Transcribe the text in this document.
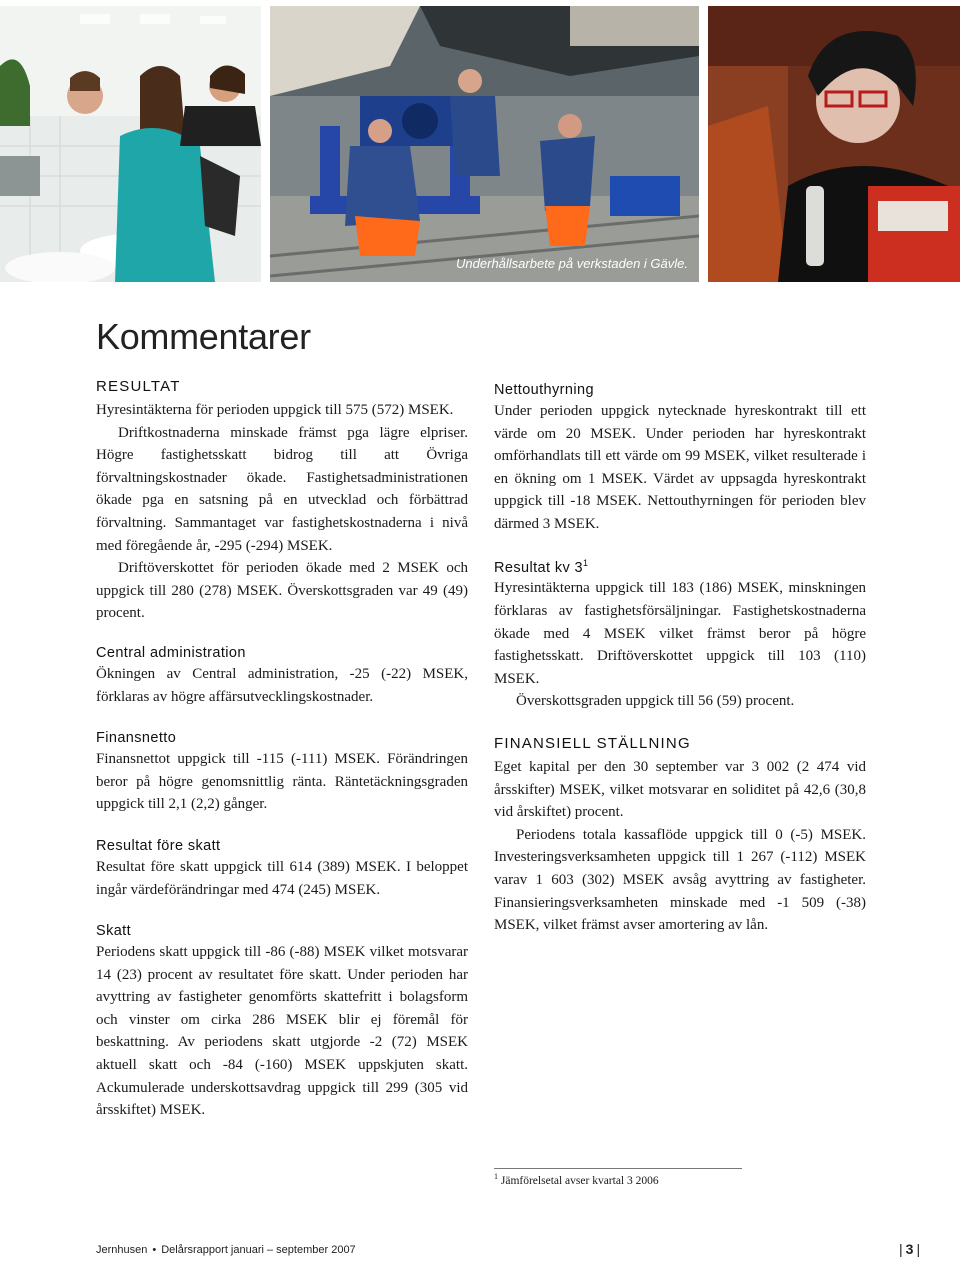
Underhållsarbete på verkstaden i Gävle.
Kommentarer
RESULTAT

Hyresintäkterna för perioden uppgick till 575 (572) MSEK.

Driftkostnaderna minskade främst pga lägre elpriser. Högre fastighetsskatt bidrog till att Övriga förvaltningskostnader ökade. Fastighetsadministrationen ökade pga en satsning på en utvecklad och förbättrad förvaltning. Sammantaget var fastighetskostnaderna i nivå med föregående år, -295 (-294) MSEK.

Driftöverskottet för perioden ökade med 2 MSEK och uppgick till 280 (278) MSEK. Överskottsgraden var 49 (49) procent.

Central administration

Ökningen av Central administration, -25 (-22) MSEK, förklaras av högre affärsutvecklingskostnader.

Finansnetto

Finansnettot uppgick till -115 (-111) MSEK. Förändringen beror på högre genomsnittlig ränta. Räntetäckningsgraden uppgick till 2,1 (2,2) gånger.

Resultat före skatt

Resultat före skatt uppgick till 614 (389) MSEK. I beloppet ingår värdeförändringar med 474 (245) MSEK.

Skatt

Periodens skatt uppgick till -86 (-88) MSEK vilket motsvarar 14 (23) procent av resultatet före skatt. Under perioden har avyttring av fastigheter genomförts skattefritt i bolagsform och vinster om cirka 286 MSEK blir ej föremål för beskattning. Av periodens skatt utgjorde -2 (72) MSEK aktuell skatt och -84 (-160) MSEK uppskjuten skatt. Ackumulerade underskottsavdrag uppgick till 299 (305 vid årsskiftet) MSEK.

Nettouthyrning

Under perioden uppgick nytecknade hyreskontrakt till ett värde om 20 MSEK. Under perioden har hyreskontrakt omförhandlats till ett värde om 99 MSEK, vilket resulterade i en ökning om 1 MSEK. Värdet av uppsagda hyreskontrakt uppgick till -18 MSEK. Nettouthyrningen för perioden blev därmed 3 MSEK.

Resultat kv $3^1$

Hyresintäkterna uppgick till 183 (186) MSEK, minskningen förklaras av fastighetsförsäljningar. Fastighetskostnaderna ökade med 4 MSEK vilket främst beror på högre fastighetsskatt. Driftöverskottet uppgick till 103 (110) MSEK.

Överskottsgraden uppgick till 56 (59) procent.

FINANSIELL STÄLLNING

Eget kapital per den 30 september var 3 002 (2 474 vid årsskifter) MSEK, vilket motsvarar en soliditet på 42,6 (30,8 vid årskiftet) procent.

Periodens totala kassaflöde uppgick till 0 (-5) MSEK. Investeringsverksamheten uppgick till 1 267 (-112) MSEK varav 1 603 (302) MSEK avsåg avyttring av fastigheter. Finansieringsverksamheten minskade med -1 509 (-38) MSEK, vilket främst avser amortering av lån.

$^1$ Jämförelsetal avser kvartal 3 2006
Jernhusen • Delårsrapport januari – september 2007	| 3 |
